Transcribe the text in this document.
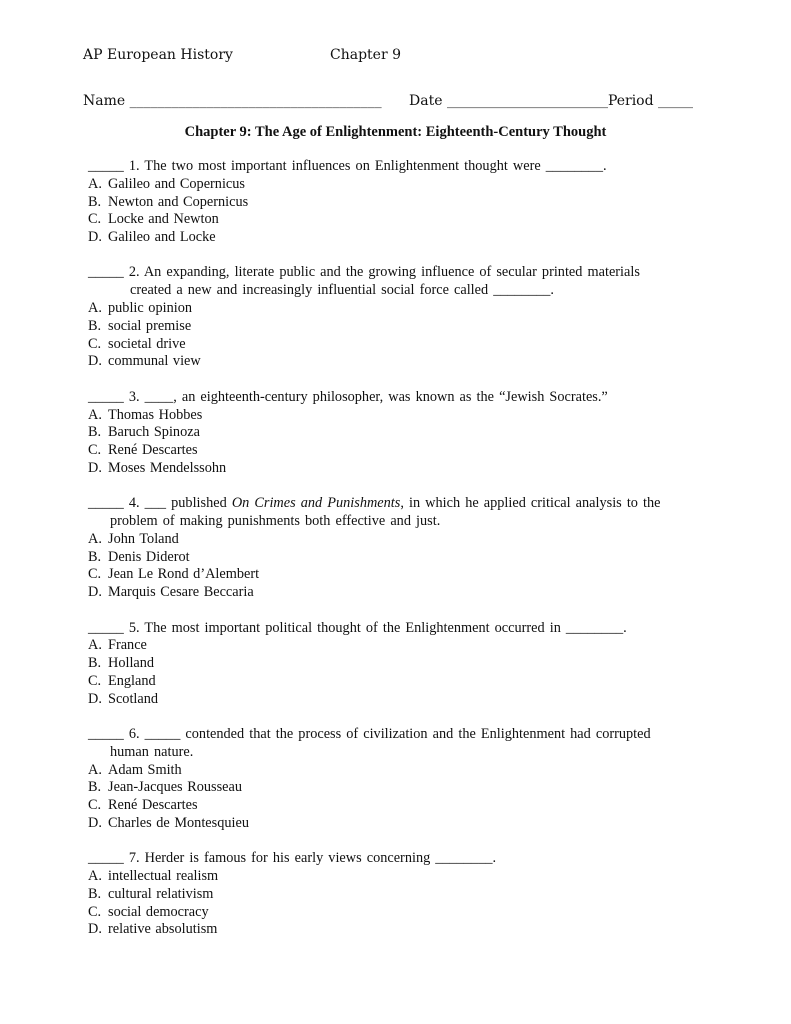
AP European History	Chapter 9
Name ____________________________________ Date _______________________Period _____
Chapter 9: The Age of Enlightenment: Eighteenth-Century Thought
_____ 1. The two most important influences on Enlightenment thought were ________.
A. Galileo and Copernicus
B. Newton and Copernicus
C. Locke and Newton
D. Galileo and Locke
_____ 2. An expanding, literate public and the growing influence of secular printed materials
created a new and increasingly influential social force called ________.
A. public opinion
B. social premise
C. societal drive
D. communal view
_____ 3. ____, an eighteenth-century philosopher, was known as the “Jewish Socrates.”
A. Thomas Hobbes
B. Baruch Spinoza
C. René Descartes
D. Moses Mendelssohn
_____ 4. ___ published On Crimes and Punishments, in which he applied critical analysis to the
problem of making punishments both effective and just.
A. John Toland
B. Denis Diderot
C. Jean Le Rond d’Alembert
D. Marquis Cesare Beccaria
_____ 5. The most important political thought of the Enlightenment occurred in ________.
A. France
B. Holland
C. England
D. Scotland
_____ 6. _____ contended that the process of civilization and the Enlightenment had corrupted
human nature.
A. Adam Smith
B. Jean-Jacques Rousseau
C. René Descartes
D. Charles de Montesquieu
_____ 7. Herder is famous for his early views concerning ________.
A. intellectual realism
B. cultural relativism
C. social democracy
D. relative absolutism
